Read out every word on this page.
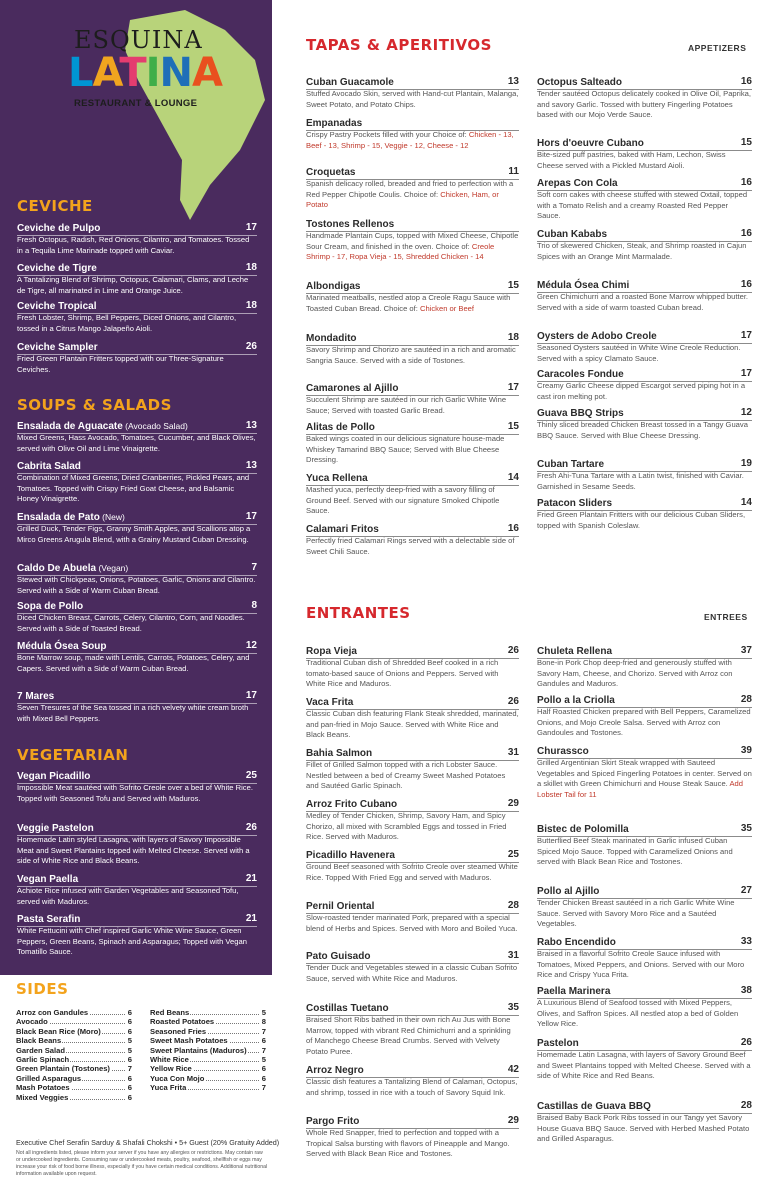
ESQUINA
LATINA
RESTAURANT & LOUNGE
CEVICHE
Ceviche de Pulpo	17
Fresh Octopus, Radish, Red Onions, Cilantro, and Tomatoes. Tossed in a Tequila Lime Marinade topped with Caviar.
Ceviche de Tigre	18
A Tantalizing Blend of Shrimp, Octopus, Calamari, Clams, and Leche de Tigre, all marinated in Lime and Orange Juice.
Ceviche Tropical	18
Fresh Lobster, Shrimp, Bell Peppers, Diced Onions, and Cilantro, tossed in a Citrus Mango Jalapeño Aioli.
Ceviche Sampler	26
Fried Green Plantain Fritters topped with our Three-Signature Ceviches.
SOUPS & SALADS
Ensalada de Aguacate (Avocado Salad)	13
Mixed Greens, Hass Avocado, Tomatoes, Cucumber, and Black Olives, served with Olive Oil and Lime Vinaigrette.
Cabrita Salad	13
Combination of Mixed Greens, Dried Cranberries, Pickled Pears, and Tomatoes. Topped with Crispy Fried Goat Cheese, and Balsamic Honey Vinaigrette.
Ensalada de Pato (New)	17
Grilled Duck, Tender Figs, Granny Smith Apples, and Scallions atop a Mirco Greens Arugula Blend, with a Grainy Mustard Cuban Dressing.
Caldo De Abuela (Vegan)	7
Stewed with Chickpeas, Onions, Potatoes, Garlic, Onions and Cilantro. Served with a Side of Warm Cuban Bread.
Sopa de Pollo	8
Diced Chicken Breast, Carrots, Celery, Cilantro, Corn, and Noodles. Served with a Side of Toasted Bread.
Médula Ósea Soup	12
Bone Marrow soup, made with Lentils, Carrots, Potatoes, Celery, and Capers. Served with a Side of Warm Cuban Bread.
7 Mares	17
Seven Tresures of the Sea tossed in a rich velvety white cream broth with Mixed Bell Peppers.
VEGETARIAN
Vegan Picadillo	25
Impossible Meat sautéed with Sofrito Creole over a bed of White Rice. Topped with Seasoned Tofu and Served with Maduros.
Veggie Pastelon	26
Homemade Latin styled Lasagna, with layers of Savory Impossible Meat and Sweet Plantains topped with Melted Cheese. Served with a side of White Rice and Black Beans.
Vegan Paella	21
Achiote Rice infused with Garden Vegetables and Seasoned Tofu, served with Maduros.
Pasta Serafin	21
White Fettucini with Chef inspired Garlic White Wine Sauce, Green Peppers, Green Beans, Spinach and Asparagus; Topped with Vegan Tomatillo Sauce.
SIDES
Arroz con Gandules	6
Avocado	6
Black Bean Rice (Moro)	6
Black Beans	5
Garden Salad	5
Garlic Spinach	6
Green Plantain (Tostones) 7
Grilled Asparagus	6
Mash Potatoes	6
Mixed Veggies	6
Red Beans	5
Roasted Potatoes	8
Seasoned Fries	7
Sweet Mash Potatoes	6
Sweet Plantains (Maduros) 7
White Rice	5
Yellow Rice	6
Yuca Con Mojo	6
Yuca Frita	7
Executive Chef Serafin Sarduy & Shafali Chokshi • 5+ Guest (20% Gratuity Added)
Not all ingredients listed, please inform your server if you have any allergies or restrictions. May contain raw or undercooked ingredients. Consuming raw or undercooked meats, poultry, seafood, shellfish or eggs may increase your risk of food borne illness, especially if you have certain medical conditions. Additional nutritional information available upon request.
TAPAS & APERITIVOS	APPETIZERS
ENTRANTES	ENTREES
Cuban Guacamole	13
Stuffed Avocado Skin, served with Hand-cut Plantain, Malanga, Sweet Potato, and Potato Chips.
Empanadas
Crispy Pastry Pockets filled with your Choice of: Chicken - 13, Beef - 13, Shrimp - 15, Veggie - 12, Cheese - 12
Croquetas	11
Spanish delicacy rolled, breaded and fried to perfection with a Red Pepper Chipotle Coulis. Choice of: Chicken, Ham, or Potato
Tostones Rellenos
Handmade Plantain Cups, topped with Mixed Cheese, Chipotle Sour Cream, and finished in the oven. Choice of: Creole Shrimp - 17, Ropa Vieja - 15, Shredded Chicken - 14
Albondigas	15
Marinated meatballs, nestled atop a Creole Ragu Sauce with Toasted Cuban Bread. Choice of: Chicken or Beef
Mondadito	18
Savory Shrimp and Chorizo are sautéed in a rich and aromatic Sangria Sauce. Served with a side of Tostones.
Camarones al Ajillo	17
Succulent Shrimp are sautéed in our rich Garlic White Wine Sauce; Served with toasted Garlic Bread.
Alitas de Pollo	15
Baked wings coated in our delicious signature house-made Whiskey Tamarind BBQ Sauce; Served with Blue Cheese Dressing.
Yuca Rellena	14
Mashed yuca, perfectly deep-fried with a savory filling of Ground Beef. Served with our signature Smoked Chipotle Sauce.
Calamari Fritos	16
Perfectly fried Calamari Rings served with a delectable side of Sweet Chili Sauce.
Octopus Salteado	16
Tender sautéed Octopus delicately cooked in Olive Oil, Paprika, and savory Garlic. Tossed with buttery Fingerling Potatoes based with our Mojo Verde Sauce.
Hors d'oeuvre Cubano	15
Bite-sized puff pastries, baked with Ham, Lechon, Swiss Cheese served with a Pickled Mustard Aioli.
Arepas Con Cola	16
Soft corn cakes with cheese stuffed with stewed Oxtail, topped with a Tomato Relish and a creamy Roasted Red Pepper Sauce.
Cuban Kababs	16
Trio of skewered Chicken, Steak, and Shrimp roasted in Cajun Spices with an Orange Mint Marmalade.
Médula Ósea Chimi	16
Green Chimichurri and a roasted Bone Marrow whipped butter. Served with a side of warm toasted Cuban bread.
Oysters de Adobo Creole	17
Seasoned Oysters sautéed in White Wine Creole Reduction. Served with a spicy Clamato Sauce.
Caracoles Fondue	17
Creamy Garlic Cheese dipped Escargot served piping hot in a cast iron melting pot.
Guava BBQ Strips	12
Thinly sliced breaded Chicken Breast tossed in a Tangy Guava BBQ Sauce. Served with Blue Cheese Dressing.
Cuban Tartare	19
Fresh Ahi-Tuna Tartare with a Latin twist, finished with Caviar. Garnished in Sesame Seeds.
Patacon Sliders	14
Fried Green Plantain Fritters with our delicious Cuban Sliders, topped with Spanish Coleslaw.
Ropa Vieja	26
Traditional Cuban dish of Shredded Beef cooked in a rich tomato-based sauce of Onions and Peppers. Served with White Rice and Maduros.
Vaca Frita	26
Classic Cuban dish featuring Flank Steak shredded, marinated, and pan-fried in Mojo Sauce. Served with White Rice and Black Beans.
Bahia Salmon	31
Fillet of Grilled Salmon topped with a rich Lobster Sauce. Nestled between a bed of Creamy Sweet Mashed Potatoes and Sautéed Garlic Spinach.
Arroz Frito Cubano	29
Medley of Tender Chicken, Shrimp, Savory Ham, and Spicy Chorizo, all mixed with Scrambled Eggs and tossed in Fried Rice. Served with Maduros.
Picadillo Havenera	25
Ground Beef seasoned with Sofrito Creole over steamed White Rice. Topped With Fried Egg and served with Maduros.
Pernil Oriental	28
Slow-roasted tender marinated Pork, prepared with a special blend of Herbs and Spices. Served with Moro and Boiled Yuca.
Pato Guisado	31
Tender Duck and Vegetables stewed in a classic Cuban Sofrito Sauce, served with White Rice and Maduros.
Costillas Tuetano	35
Braised Short Ribs bathed in their own rich Au Jus with Bone Marrow, topped with vibrant Red Chimichurri and a sprinkling of Manchego Cheese Bread Crumbs. Served with Velvety Potato Puree.
Arroz Negro	42
Classic dish features a Tantalizing Blend of Calamari, Octopus, and shrimp, tossed in rice with a touch of Savory Squid Ink.
Pargo Frito	29
Whole Red Snapper, fried to perfection and topped with a Tropical Salsa bursting with flavors of Pineapple and Mango. Served with Black Bean Rice and Tostones.
Chuleta Rellena	37
Bone-in Pork Chop deep-fried and generously stuffed with Savory Ham, Cheese, and Chorizo. Served with Arroz con Gandules and Maduros.
Pollo a la Criolla	28
Half Roasted Chicken prepared with Bell Peppers, Caramelized Onions, and Mojo Creole Salsa. Served with Arroz con Gandoules and Tostones.
Churassco	39
Grilled Argentinian Skirt Steak wrapped with Sauteed Vegetables and Spiced Fingerling Potatoes in center. Served on a skillet with Green Chimichurri and House Steak Sauce. Add Lobster Tail for 11
Bistec de Polomilla	35
Butterflied Beef Steak marinated in Garlic infused Cuban Spiced Mojo Sauce. Topped with Caramelized Onions and served with Black Bean Rice and Tostones.
Pollo al Ajillo	27
Tender Chicken Breast sautéed in a rich Garlic White Wine Sauce. Served with Savory Moro Rice and a Sautéed Vegetables.
Rabo Encendido	33
Braised in a flavorful Sofrito Creole Sauce infused with Tomatoes, Mixed Peppers, and Onions. Served with our Moro Rice and Crispy Yuca Frita.
Paella Marinera	38
A Luxurious Blend of Seafood tossed with Mixed Peppers, Olives, and Saffron Spices. All nestled atop a bed of Golden Yellow Rice.
Pastelon	26
Homemade Latin Lasagna, with layers of Savory Ground Beef and Sweet Plantains topped with Melted Cheese. Served with a side of White Rice and Red Beans.
Castillas de Guava BBQ	28
Braised Baby Back Pork Ribs tossed in our Tangy yet Savory House Guava BBQ Sauce. Served with Herbed Mashed Potato and Grilled Asparagus.
